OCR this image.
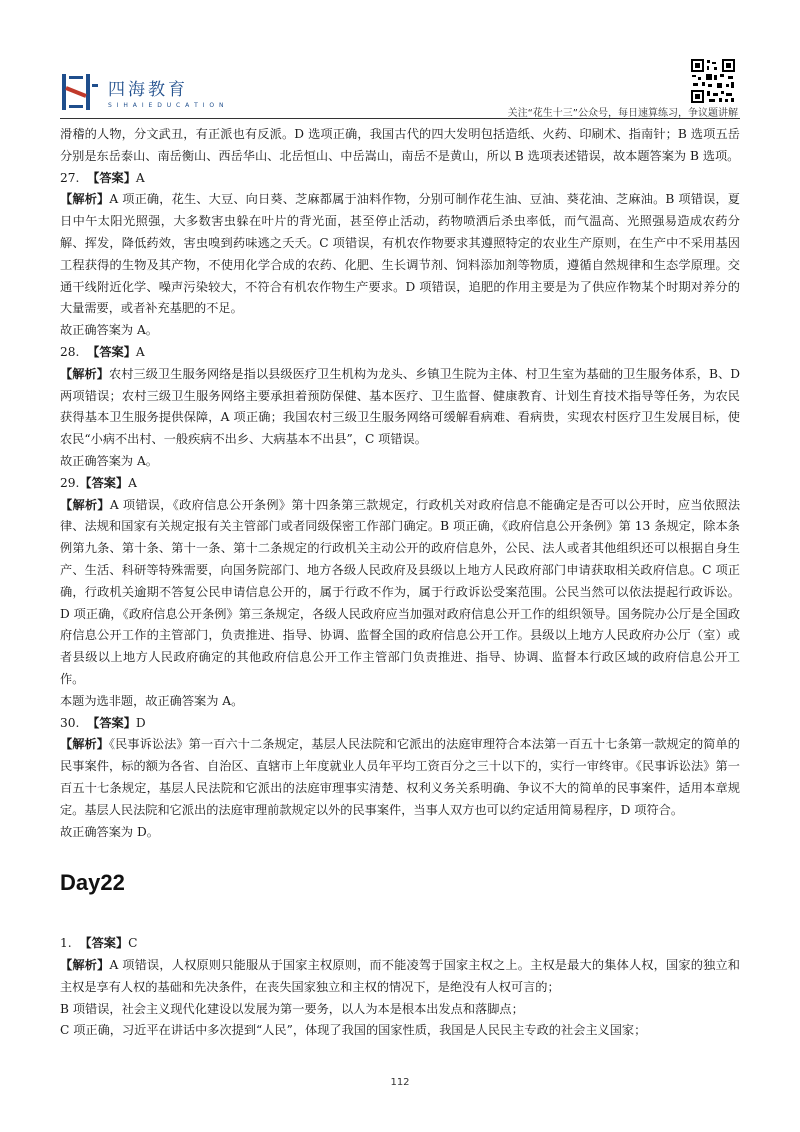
四海教育
S I H A I E D U C A T I O N
关注“花生十三”公众号，每日速算练习，争议题讲解

滑稽的人物，分文武丑，有正派也有反派。D 选项正确，我国古代的四大发明包括造纸、火药、印刷术、指南针；B 选项五岳分别是东岳泰山、南岳衡山、西岳华山、北岳恒山、中岳嵩山，南岳不是黄山，所以 B 选项表述错误，故本题答案为 B 选项。

27. 【答案】A

【解析】A 项正确，花生、大豆、向日葵、芝麻都属于油料作物，分别可制作花生油、豆油、葵花油、芝麻油。B 项错误，夏日中午太阳光照强，大多数害虫躲在叶片的背光面，甚至停止活动，药物喷洒后杀虫率低，而气温高、光照强易造成农药分解、挥发，降低药效，害虫嗅到药味逃之夭夭。C 项错误，有机农作物要求其遵照特定的农业生产原则，在生产中不采用基因工程获得的生物及其产物，不使用化学合成的农药、化肥、生长调节剂、饲料添加剂等物质，遵循自然规律和生态学原理。交通干线附近化学、噪声污染较大，不符合有机农作物生产要求。D 项错误，追肥的作用主要是为了供应作物某个时期对养分的大量需要，或者补充基肥的不足。

故正确答案为 A。

28. 【答案】A

【解析】农村三级卫生服务网络是指以县级医疗卫生机构为龙头、乡镇卫生院为主体、村卫生室为基础的卫生服务体系，B、D 两项错误；农村三级卫生服务网络主要承担着预防保健、基本医疗、卫生监督、健康教育、计划生育技术指导等任务，为农民获得基本卫生服务提供保障，A 项正确；我国农村三级卫生服务网络可缓解看病难、看病贵，实现农村医疗卫生发展目标，使农民“小病不出村、一般疾病不出乡、大病基本不出县”，C 项错误。

故正确答案为 A。

29.【答案】A

【解析】A 项错误，《政府信息公开条例》第十四条第三款规定，行政机关对政府信息不能确定是否可以公开时，应当依照法律、法规和国家有关规定报有关主管部门或者同级保密工作部门确定。B 项正确，《政府信息公开条例》第 13 条规定，除本条例第九条、第十条、第十一条、第十二条规定的行政机关主动公开的政府信息外，公民、法人或者其他组织还可以根据自身生产、生活、科研等特殊需要，向国务院部门、地方各级人民政府及县级以上地方人民政府部门申请获取相关政府信息。C 项正确，行政机关逾期不答复公民申请信息公开的，属于行政不作为，属于行政诉讼受案范围。公民当然可以依法提起行政诉讼。D 项正确，《政府信息公开条例》第三条规定，各级人民政府应当加强对政府信息公开工作的组织领导。国务院办公厅是全国政府信息公开工作的主管部门，负责推进、指导、协调、监督全国的政府信息公开工作。县级以上地方人民政府办公厅（室）或者县级以上地方人民政府确定的其他政府信息公开工作主管部门负责推进、指导、协调、监督本行政区域的政府信息公开工作。

本题为选非题，故正确答案为 A。

30. 【答案】D

【解析】《民事诉讼法》第一百六十二条规定，基层人民法院和它派出的法庭审理符合本法第一百五十七条第一款规定的简单的民事案件，标的额为各省、自治区、直辖市上年度就业人员年平均工资百分之三十以下的，实行一审终审。《民事诉讼法》第一百五十七条规定，基层人民法院和它派出的法庭审理事实清楚、权利义务关系明确、争议不大的简单的民事案件，适用本章规定。基层人民法院和它派出的法庭审理前款规定以外的民事案件，当事人双方也可以约定适用简易程序，D 项符合。

故正确答案为 D。

Day22

1. 【答案】C

【解析】A 项错误，人权原则只能服从于国家主权原则，而不能凌驾于国家主权之上。主权是最大的集体人权，国家的独立和主权是享有人权的基础和先决条件，在丧失国家独立和主权的情况下，是绝没有人权可言的；

B 项错误，社会主义现代化建设以发展为第一要务，以人为本是根本出发点和落脚点；

C 项正确，习近平在讲话中多次提到“人民”，体现了我国的国家性质，我国是人民民主专政的社会主义国家；

112
